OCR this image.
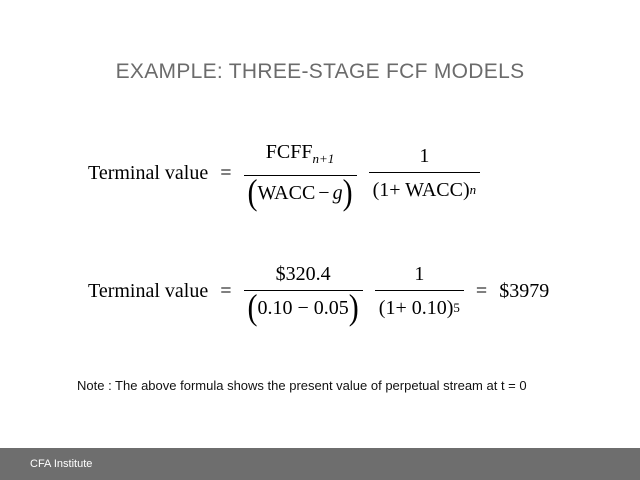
EXAMPLE: THREE-STAGE FCF MODELS
Terminal value = $\frac{FCFF_{n+1}}{\text{( WACC − g )}} \frac{1}{\text{( 1+ WACC ) n}}$
Terminal value = $\frac{\$320.4}{( 0.10 - 0.05 )} \frac{1}{( 1+ 0.10 ) 5}$ = $3979
Note : The above formula shows the present value of perpetual stream at t = 0
CFA Institute
